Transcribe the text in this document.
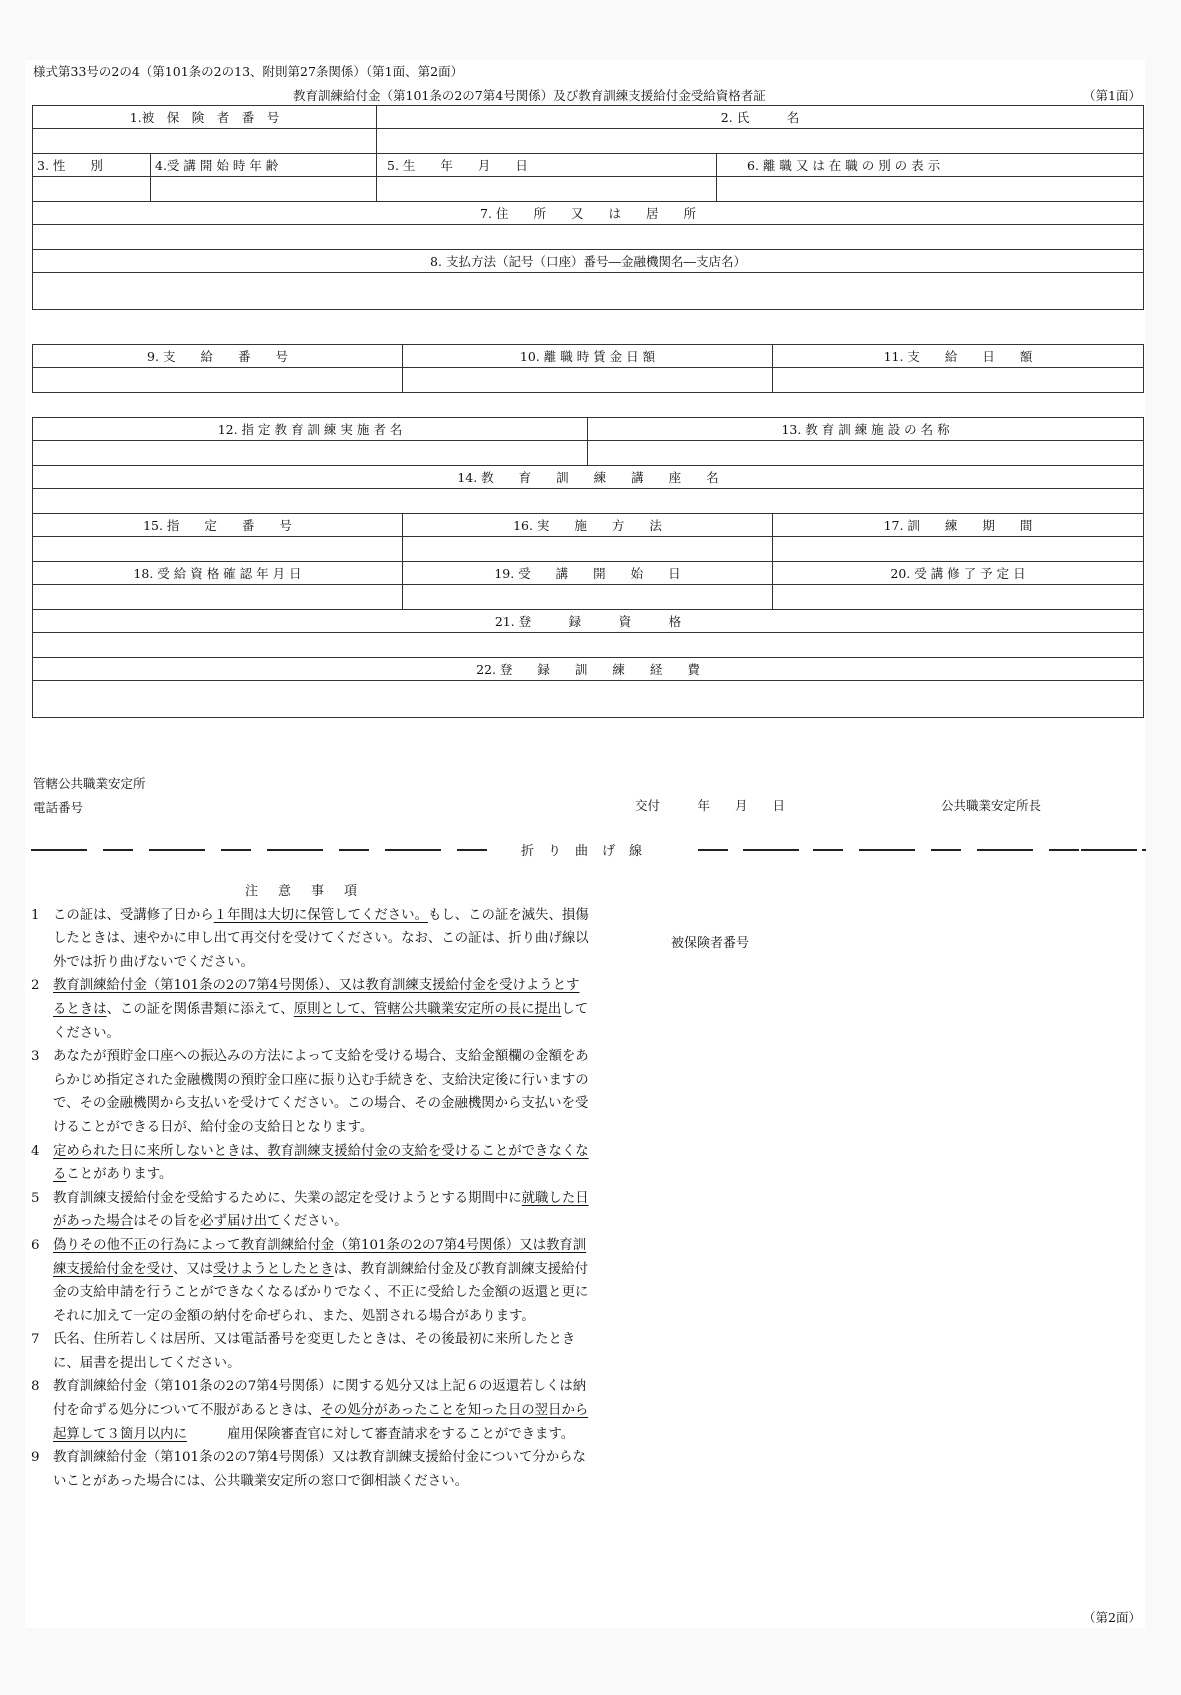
様式第33号の2の4（第101条の2の13、附則第27条関係）（第1面、第2面）
教育訓練給付金（第101条の2の7第4号関係）及び教育訓練支援給付金受給資格者証	（第1面）
1.被　保　険　者　番　号		2. 氏　　　名	

3. 性　　別	4.受 講 開 始 時 年 齢	5. 生　　年　　月　　日	6. 離 職 又 は 在 職 の 別 の 表 示

7. 住　　所　　又　　は　　居　　所			

8. 支払方法（記号（口座）番号―金融機関名―支店名）			

9. 支　　給　　番　　号	10. 離 職 時 賃 金 日 額	11. 支　　給　　日　　額

12. 指 定 教 育 訓 練 実 施 者 名		13. 教 育 訓 練 施 設 の 名 称	

14. 教　　育　　訓　　練　　講　　座　　名			

15. 指　　定　　番　　号	16. 実　　施　　方　　法		17. 訓　　練　　期　　間

18. 受 給 資 格 確 認 年 月 日	19. 受　　講　　開　　始　　日		20. 受 講 修 了 予 定 日

21. 登　　　録　　　資　　　格			

22. 登　　録　　訓　　練　　経　　費			

管轄公共職業安定所
電話番号	交付　　　年　　月　　日	公共職業安定所長
折り曲げ線
注意事項
1 この証は、受講修了日から１年間は大切に保管してください。もし、この証を滅失、損傷したときは、速やかに申し出て再交付を受けてください。なお、この証は、折り曲げ線以外では折り曲げないでください。
2 教育訓練給付金（第101条の2の7第4号関係）、又は教育訓練支援給付金を受けようとするときは、この証を関係書類に添えて、原則として、管轄公共職業安定所の長に提出してください。
3 あなたが預貯金口座への振込みの方法によって支給を受ける場合、支給金額欄の金額をあらかじめ指定された金融機関の預貯金口座に振り込む手続きを、支給決定後に行いますので、その金融機関から支払いを受けてください。この場合、その金融機関から支払いを受けることができる日が、給付金の支給日となります。
4 定められた日に来所しないときは、教育訓練支援給付金の支給を受けることができなくなることがあります。
5 教育訓練支援給付金を受給するために、失業の認定を受けようとする期間中に就職した日があった場合はその旨を必ず届け出てください。
6 偽りその他不正の行為によって教育訓練給付金（第101条の2の7第4号関係）又は教育訓練支援給付金を受け、又は受けようとしたときは、教育訓練給付金及び教育訓練支援給付金の支給申請を行うことができなくなるばかりでなく、不正に受給した金額の返還と更にそれに加えて一定の金額の納付を命ぜられ、また、処罰される場合があります。
7 氏名、住所若しくは居所、又は電話番号を変更したときは、その後最初に来所したときに、届書を提出してください。
8 教育訓練給付金（第101条の2の7第4号関係）に関する処分又は上記６の返還若しくは納付を命ずる処分について不服があるときは、その処分があったことを知った日の翌日から起算して３箇月以内に　　　雇用保険審査官に対して審査請求をすることができます。
9 教育訓練給付金（第101条の2の7第4号関係）又は教育訓練支援給付金について分からないことがあった場合には、公共職業安定所の窓口で御相談ください。
被保険者番号
（第2面）
